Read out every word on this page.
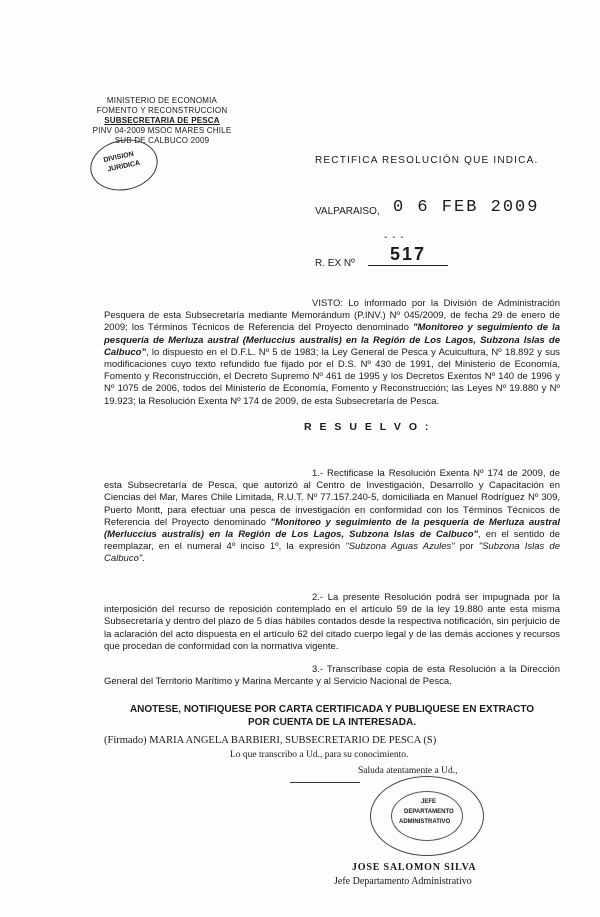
MINISTERIO DE ECONOMIA
FOMENTO Y RECONSTRUCCION
SUBSECRETARIA DE PESCA
PINV 04-2009 MSOC MARES CHILE
SUB DE CALBUCO 2009
DIVISION
JURIDICA	RECTIFICA RESOLUCIÓN QUE INDICA.
VALPARAISO, 0 6 FEB 2009
- - -
R. EX Nº	517
VISTO: Lo informado por la División de Administración Pesquera de esta Subsecretaría mediante Memorándum (P.INV.) Nº 045/2009, de fecha 29 de enero de 2009; los Términos Técnicos de Referencia del Proyecto denominado "Monitoreo y seguimiento de la pesquería de Merluza austral (Merluccius australis) en la Región de Los Lagos, Subzona Islas de Calbuco", lo dispuesto en el D.F.L. Nº 5 de 1983; la Ley General de Pesca y Acuicultura, Nº 18.892 y sus modificaciones cuyo texto refundido fue fijado por el D.S. Nº 430 de 1991, del Ministerio de Economía, Fomento y Reconstrucción, el Decreto Supremo Nº 461 de 1995 y los Decretos Exentos Nº 140 de 1996 y Nº 1075 de 2006, todos del Ministerio de Economía, Fomento y Reconstrucción; las Leyes Nº 19.880 y Nº 19.923; la Resolución Exenta Nº 174 de 2009, de esta Subsecretaría de Pesca.
R E S U E L V O :
1.- Rectificase la Resolución Exenta Nº 174 de 2009, de esta Subsecretaría de Pesca, que autorizó al Centro de Investigación, Desarrollo y Capacitación en Ciencias del Mar, Mares Chile Limitada, R.U.T. Nº 77.157.240-5, domiciliada en Manuel Rodríguez Nº 309, Puerto Montt, para efectuar una pesca de investigación en conformidad con los Términos Técnicos de Referencia del Proyecto denominado "Monitoreo y seguimiento de la pesquería de Merluza austral (Merluccius australis) en la Región de Los Lagos, Subzona Islas de Calbuco", en el sentido de reemplazar, en el numeral 4º inciso 1º, la expresión "Subzona Aguas Azules" por "Subzona Islas de Calbuco".
2.- La presente Resolución podrá ser impugnada por la interposición del recurso de reposición contemplado en el artículo 59 de la ley 19.880 ante esta misma Subsecretaría y dentro del plazo de 5 días hábiles contados desde la respectiva notificación, sin perjuicio de la aclaración del acto dispuesta en el artículo 62 del citado cuerpo legal y de las demás acciones y recursos que procedan de conformidad con la normativa vigente.
3.- Transcríbase copia de esta Resolución a la Dirección General del Territorio Marítimo y Marina Mercante y al Servicio Nacional de Pesca.
ANOTESE, NOTIFIQUESE POR CARTA CERTIFICADA Y PUBLIQUESE EN EXTRACTO
POR CUENTA DE LA INTERESADA.
(Firmado) MARIA ANGELA BARBIERI, SUBSECRETARIO DE PESCA (S)
Lo que transcribo a Ud., para su conocimiento.
Saluda atentamente a Ud.,
JEFE
DEPARTAMENTO
ADMINISTRATIVO
JOSE SALOMON SILVA
Jefe Departamento Administrativo
